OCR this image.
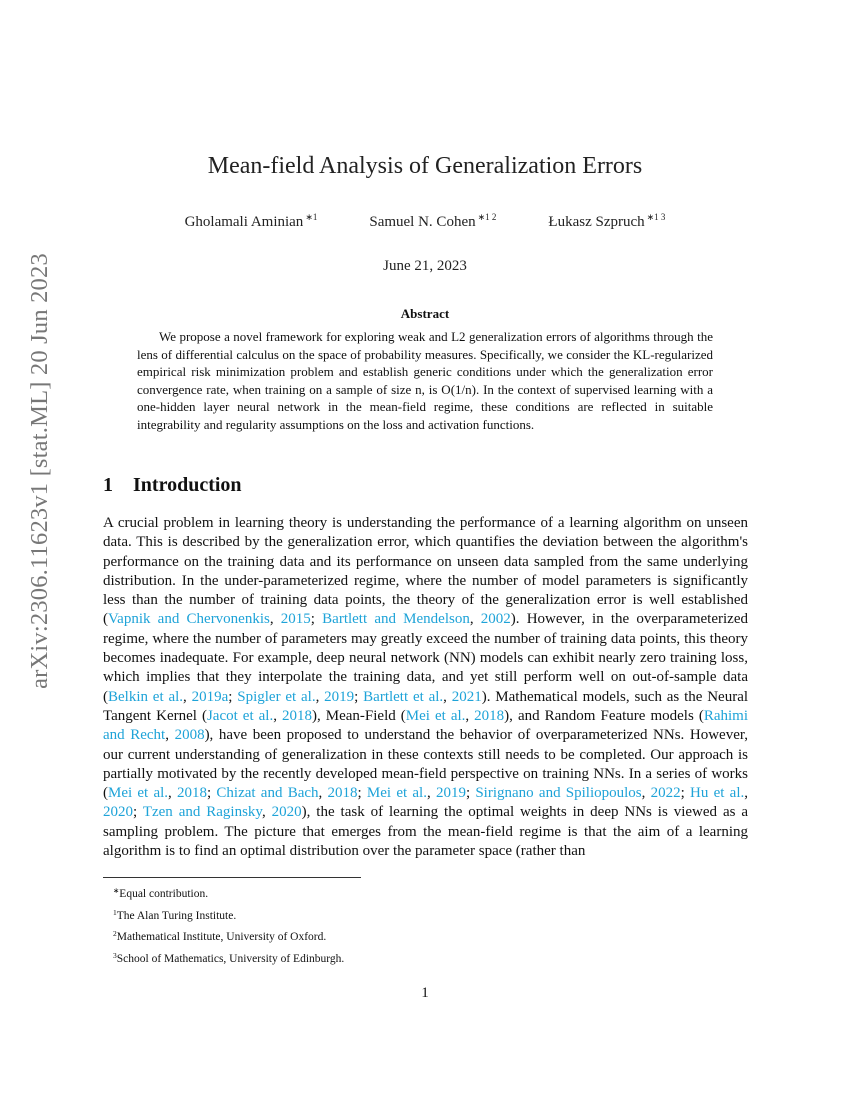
arXiv:2306.11623v1 [stat.ML] 20 Jun 2023
Mean-field Analysis of Generalization Errors
Gholamali Aminian $^{∗1}$	Samuel N. Cohen $^{∗1 2}$	Łukasz Szpruch $^{∗1 3}$
June 21, 2023
Abstract

We propose a novel framework for exploring weak and L2 generalization errors of algorithms through the lens of differential calculus on the space of probability measures. Specifically, we consider the KL-regularized empirical risk minimization problem and establish generic conditions under which the generalization error convergence rate, when training on a sample of size n, is O(1/n). In the context of supervised learning with a one-hidden layer neural network in the mean-field regime, these conditions are reflected in suitable integrability and regularity assumptions on the loss and activation functions.

1 Introduction

A crucial problem in learning theory is understanding the performance of a learning algorithm on unseen data. This is described by the generalization error, which quantifies the deviation between the algorithm's performance on the training data and its performance on unseen data sampled from the same underlying distribution. In the under-parameterized regime, where the number of model parameters is significantly less than the number of training data points, the theory of the generalization error is well established (Vapnik and Chervonenkis, 2015; Bartlett and Mendelson, 2002). However, in the overparameterized regime, where the number of parameters may greatly exceed the number of training data points, this theory becomes inadequate. For example, deep neural network (NN) models can exhibit nearly zero training loss, which implies that they interpolate the training data, and yet still perform well on out-of-sample data (Belkin et al., 2019a; Spigler et al., 2019; Bartlett et al., 2021). Mathematical models, such as the Neural Tangent Kernel (Jacot et al., 2018), Mean-Field (Mei et al., 2018), and Random Feature models (Rahimi and Recht, 2008), have been proposed to understand the behavior of overparameterized NNs. However, our current understanding of generalization in these contexts still needs to be completed. Our approach is partially motivated by the recently developed mean-field perspective on training NNs. In a series of works (Mei et al., 2018; Chizat and Bach, 2018; Mei et al., 2019; Sirignano and Spiliopoulos, 2022; Hu et al., 2020; Tzen and Raginsky, 2020), the task of learning the optimal weights in deep NNs is viewed as a sampling problem. The picture that emerges from the mean-field regime is that the aim of a learning algorithm is to find an optimal distribution over the parameter space (rather than

∗Equal contribution.
$^1$The Alan Turing Institute.
$^2$Mathematical Institute, University of Oxford.
$^3$School of Mathematics, University of Edinburgh.
1
